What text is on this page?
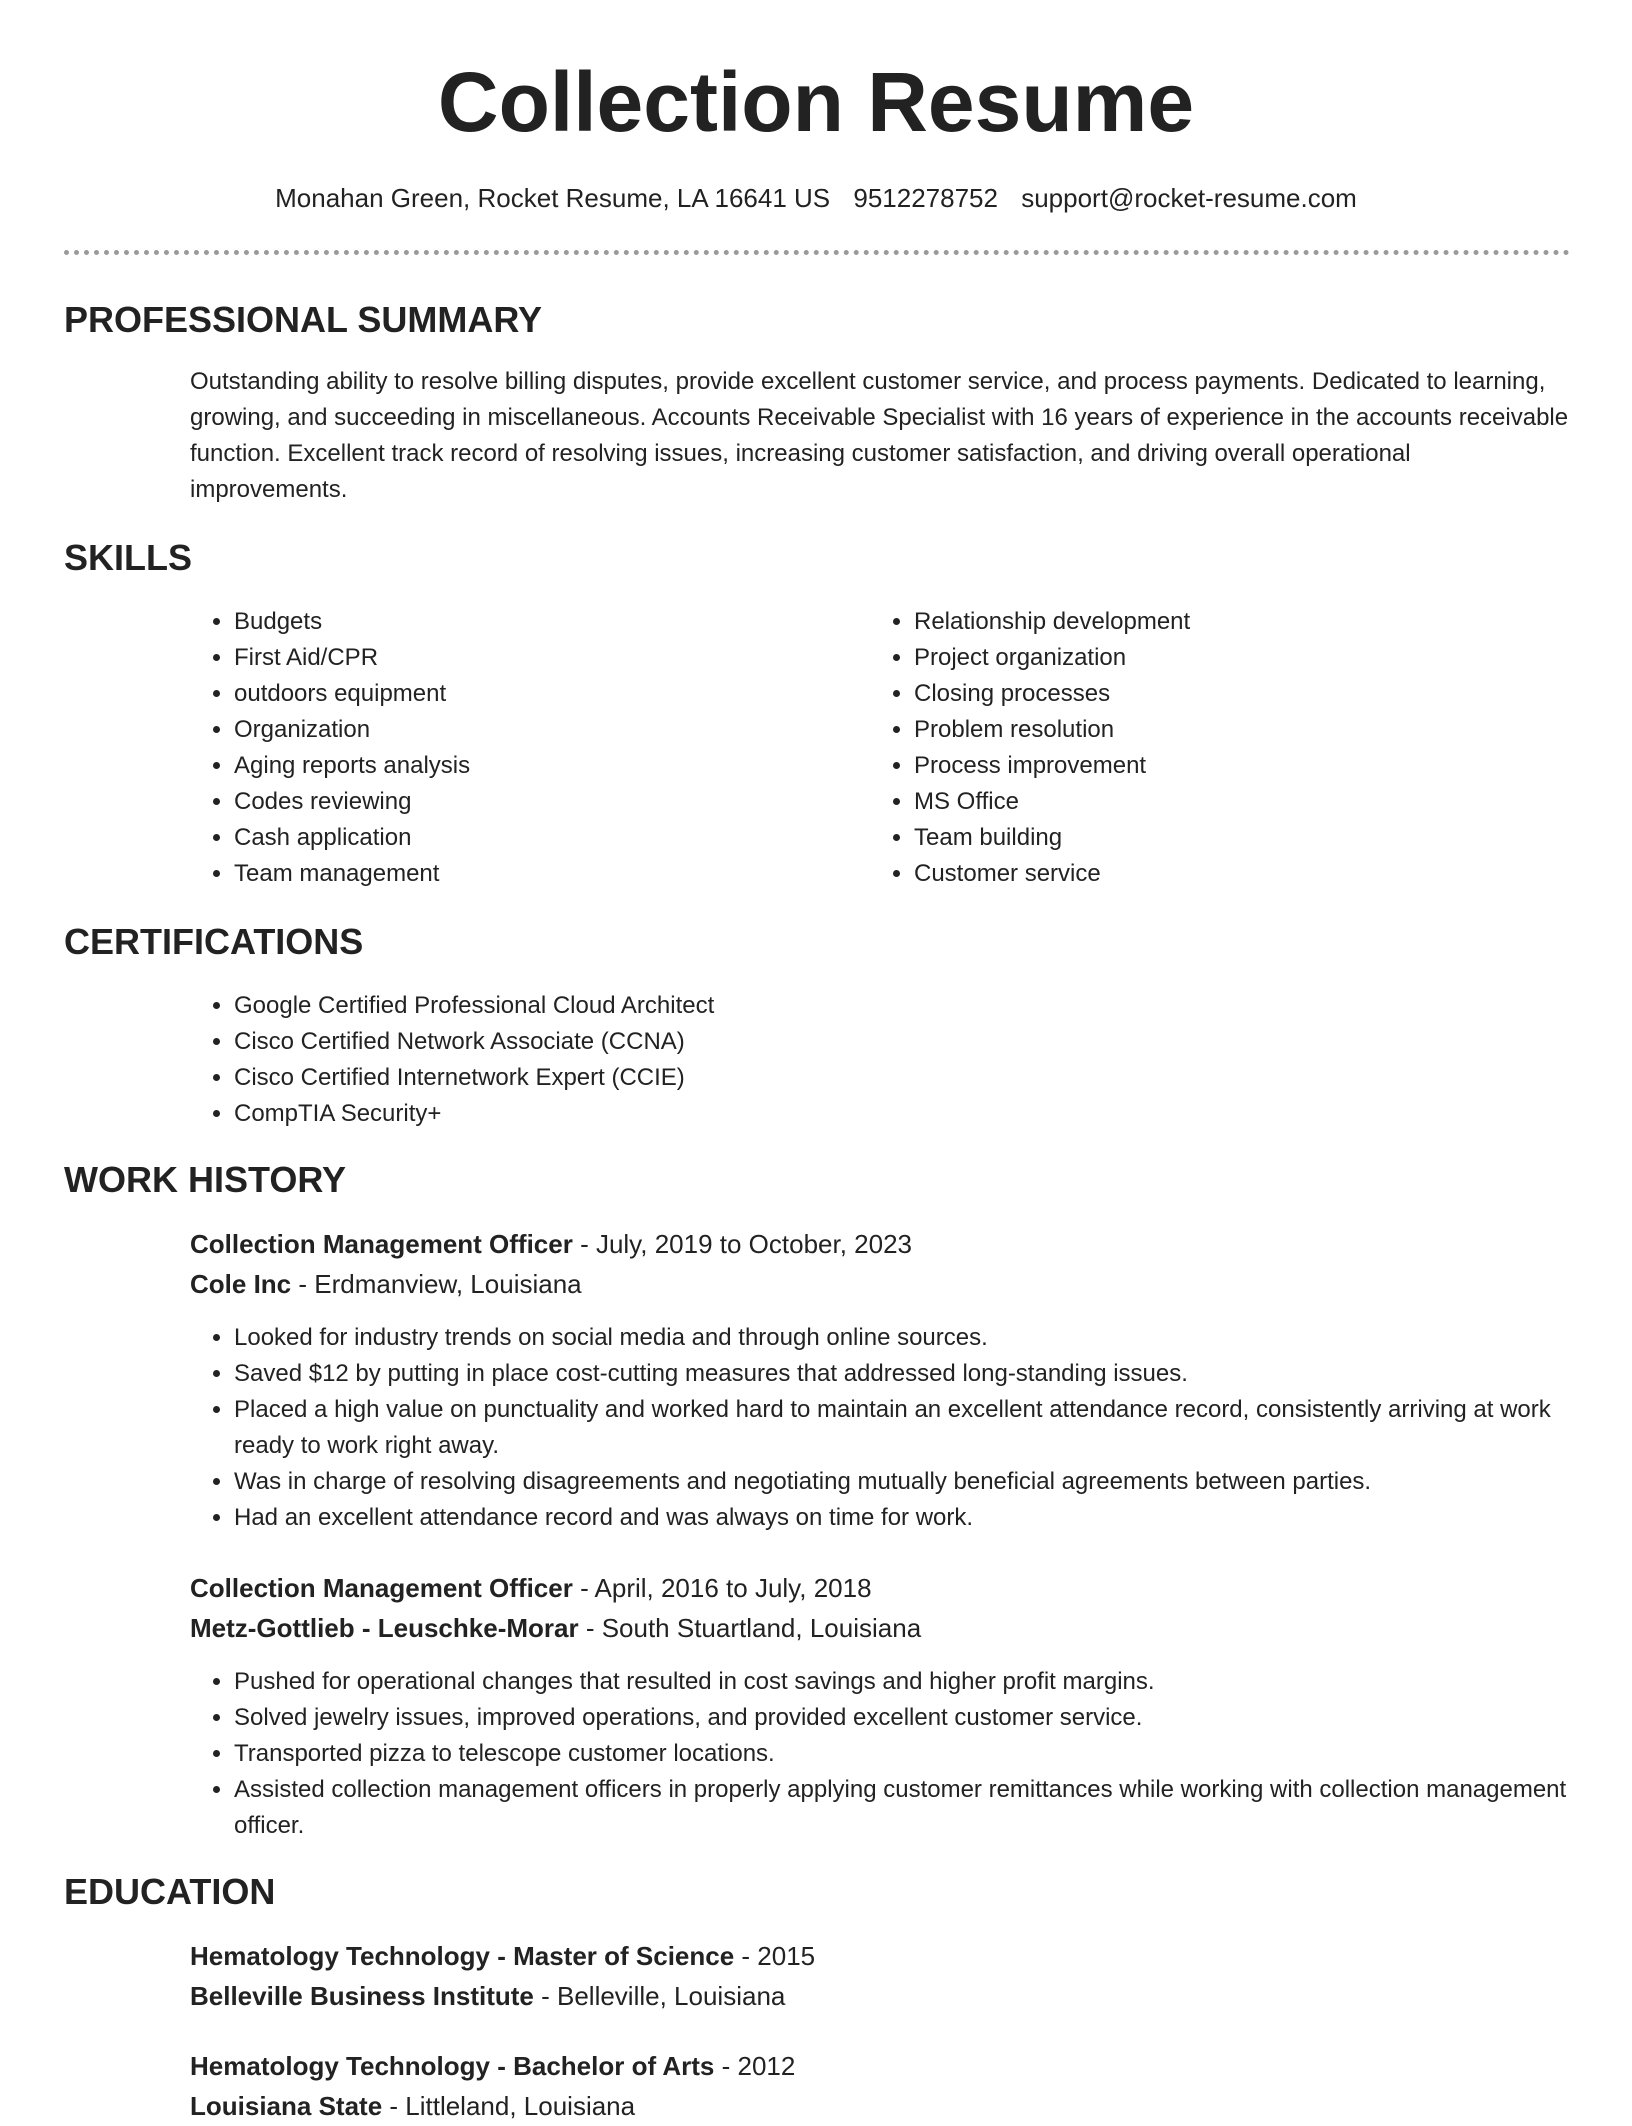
Collection Resume
Monahan Green, Rocket Resume, LA 16641 US 9512278752 support@rocket-resume.com
PROFESSIONAL SUMMARY

Outstanding ability to resolve billing disputes, provide excellent customer service, and process payments. Dedicated to learning, growing, and succeeding in miscellaneous. Accounts Receivable Specialist with 16 years of experience in the accounts receivable function. Excellent track record of resolving issues, increasing customer satisfaction, and driving overall operational improvements.

SKILLS
• Budgets
• First Aid/CPR
• outdoors equipment
• Organization
• Aging reports analysis
• Codes reviewing
• Cash application
• Team management
• Relationship development
• Project organization
• Closing processes
• Problem resolution
• Process improvement
• MS Office
• Team building
• Customer service
CERTIFICATIONS
• Google Certified Professional Cloud Architect
• Cisco Certified Network Associate (CCNA)
• Cisco Certified Internetwork Expert (CCIE)
• CompTIA Security+
WORK HISTORY

Collection Management Officer - July, 2019 to October, 2023

Cole Inc - Erdmanview, Louisiana

• Looked for industry trends on social media and through online sources.
• Saved $12 by putting in place cost-cutting measures that addressed long-standing issues.
• Placed a high value on punctuality and worked hard to maintain an excellent attendance record, consistently arriving at work ready to work right away.
• Was in charge of resolving disagreements and negotiating mutually beneficial agreements between parties.
• Had an excellent attendance record and was always on time for work.

Collection Management Officer - April, 2016 to July, 2018

Metz-Gottlieb - Leuschke-Morar - South Stuartland, Louisiana

• Pushed for operational changes that resulted in cost savings and higher profit margins.
• Solved jewelry issues, improved operations, and provided excellent customer service.
• Transported pizza to telescope customer locations.
• Assisted collection management officers in properly applying customer remittances while working with collection management officer.
EDUCATION

Hematology Technology - Master of Science - 2015

Belleville Business Institute - Belleville, Louisiana

Hematology Technology - Bachelor of Arts - 2012

Louisiana State - Littleland, Louisiana
